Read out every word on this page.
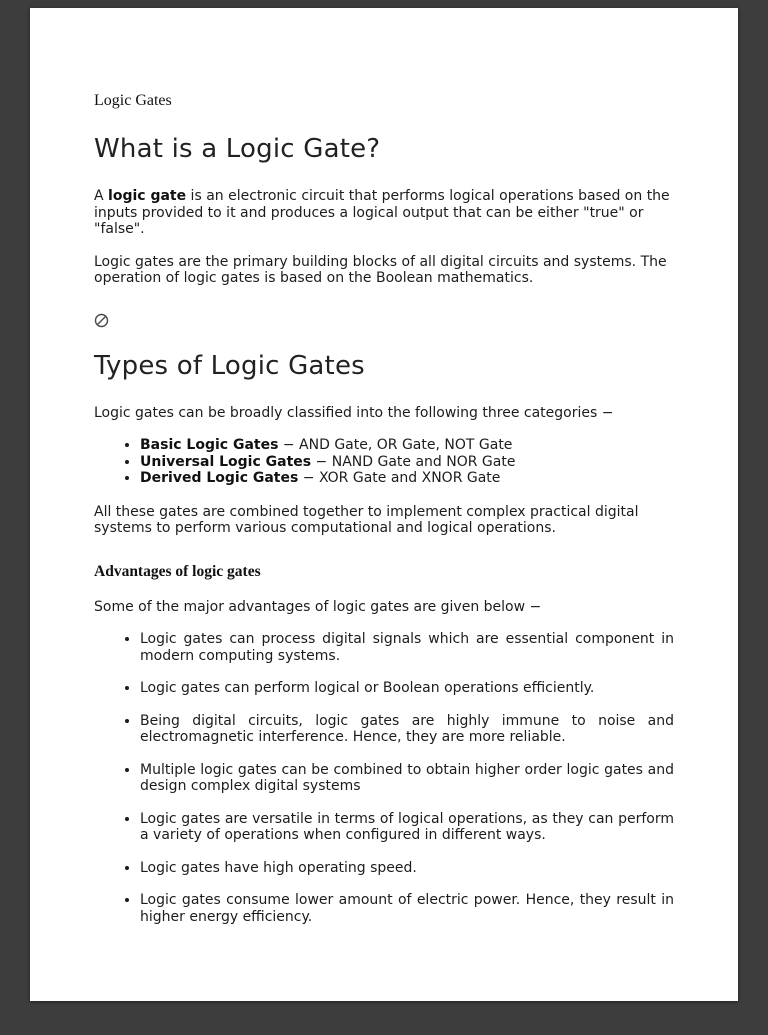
Logic Gates
What is a Logic Gate?

A logic gate is an electronic circuit that performs logical operations based on the inputs provided to it and produces a logical output that can be either "true" or "false".

Logic gates are the primary building blocks of all digital circuits and systems. The operation of logic gates is based on the Boolean mathematics.

Types of Logic Gates

Logic gates can be broadly classified into the following three categories −

• Basic Logic Gates − AND Gate, OR Gate, NOT Gate
• Universal Logic Gates − NAND Gate and NOR Gate
• Derived Logic Gates − XOR Gate and XNOR Gate

All these gates are combined together to implement complex practical digital systems to perform various computational and logical operations.

Advantages of logic gates

Some of the major advantages of logic gates are given below −

• Logic gates can process digital signals which are essential component in modern computing systems.
• Logic gates can perform logical or Boolean operations efficiently.
• Being digital circuits, logic gates are highly immune to noise and electromagnetic interference. Hence, they are more reliable.
• Multiple logic gates can be combined to obtain higher order logic gates and design complex digital systems
• Logic gates are versatile in terms of logical operations, as they can perform a variety of operations when configured in different ways.
• Logic gates have high operating speed.
• Logic gates consume lower amount of electric power. Hence, they result in higher energy efficiency.
